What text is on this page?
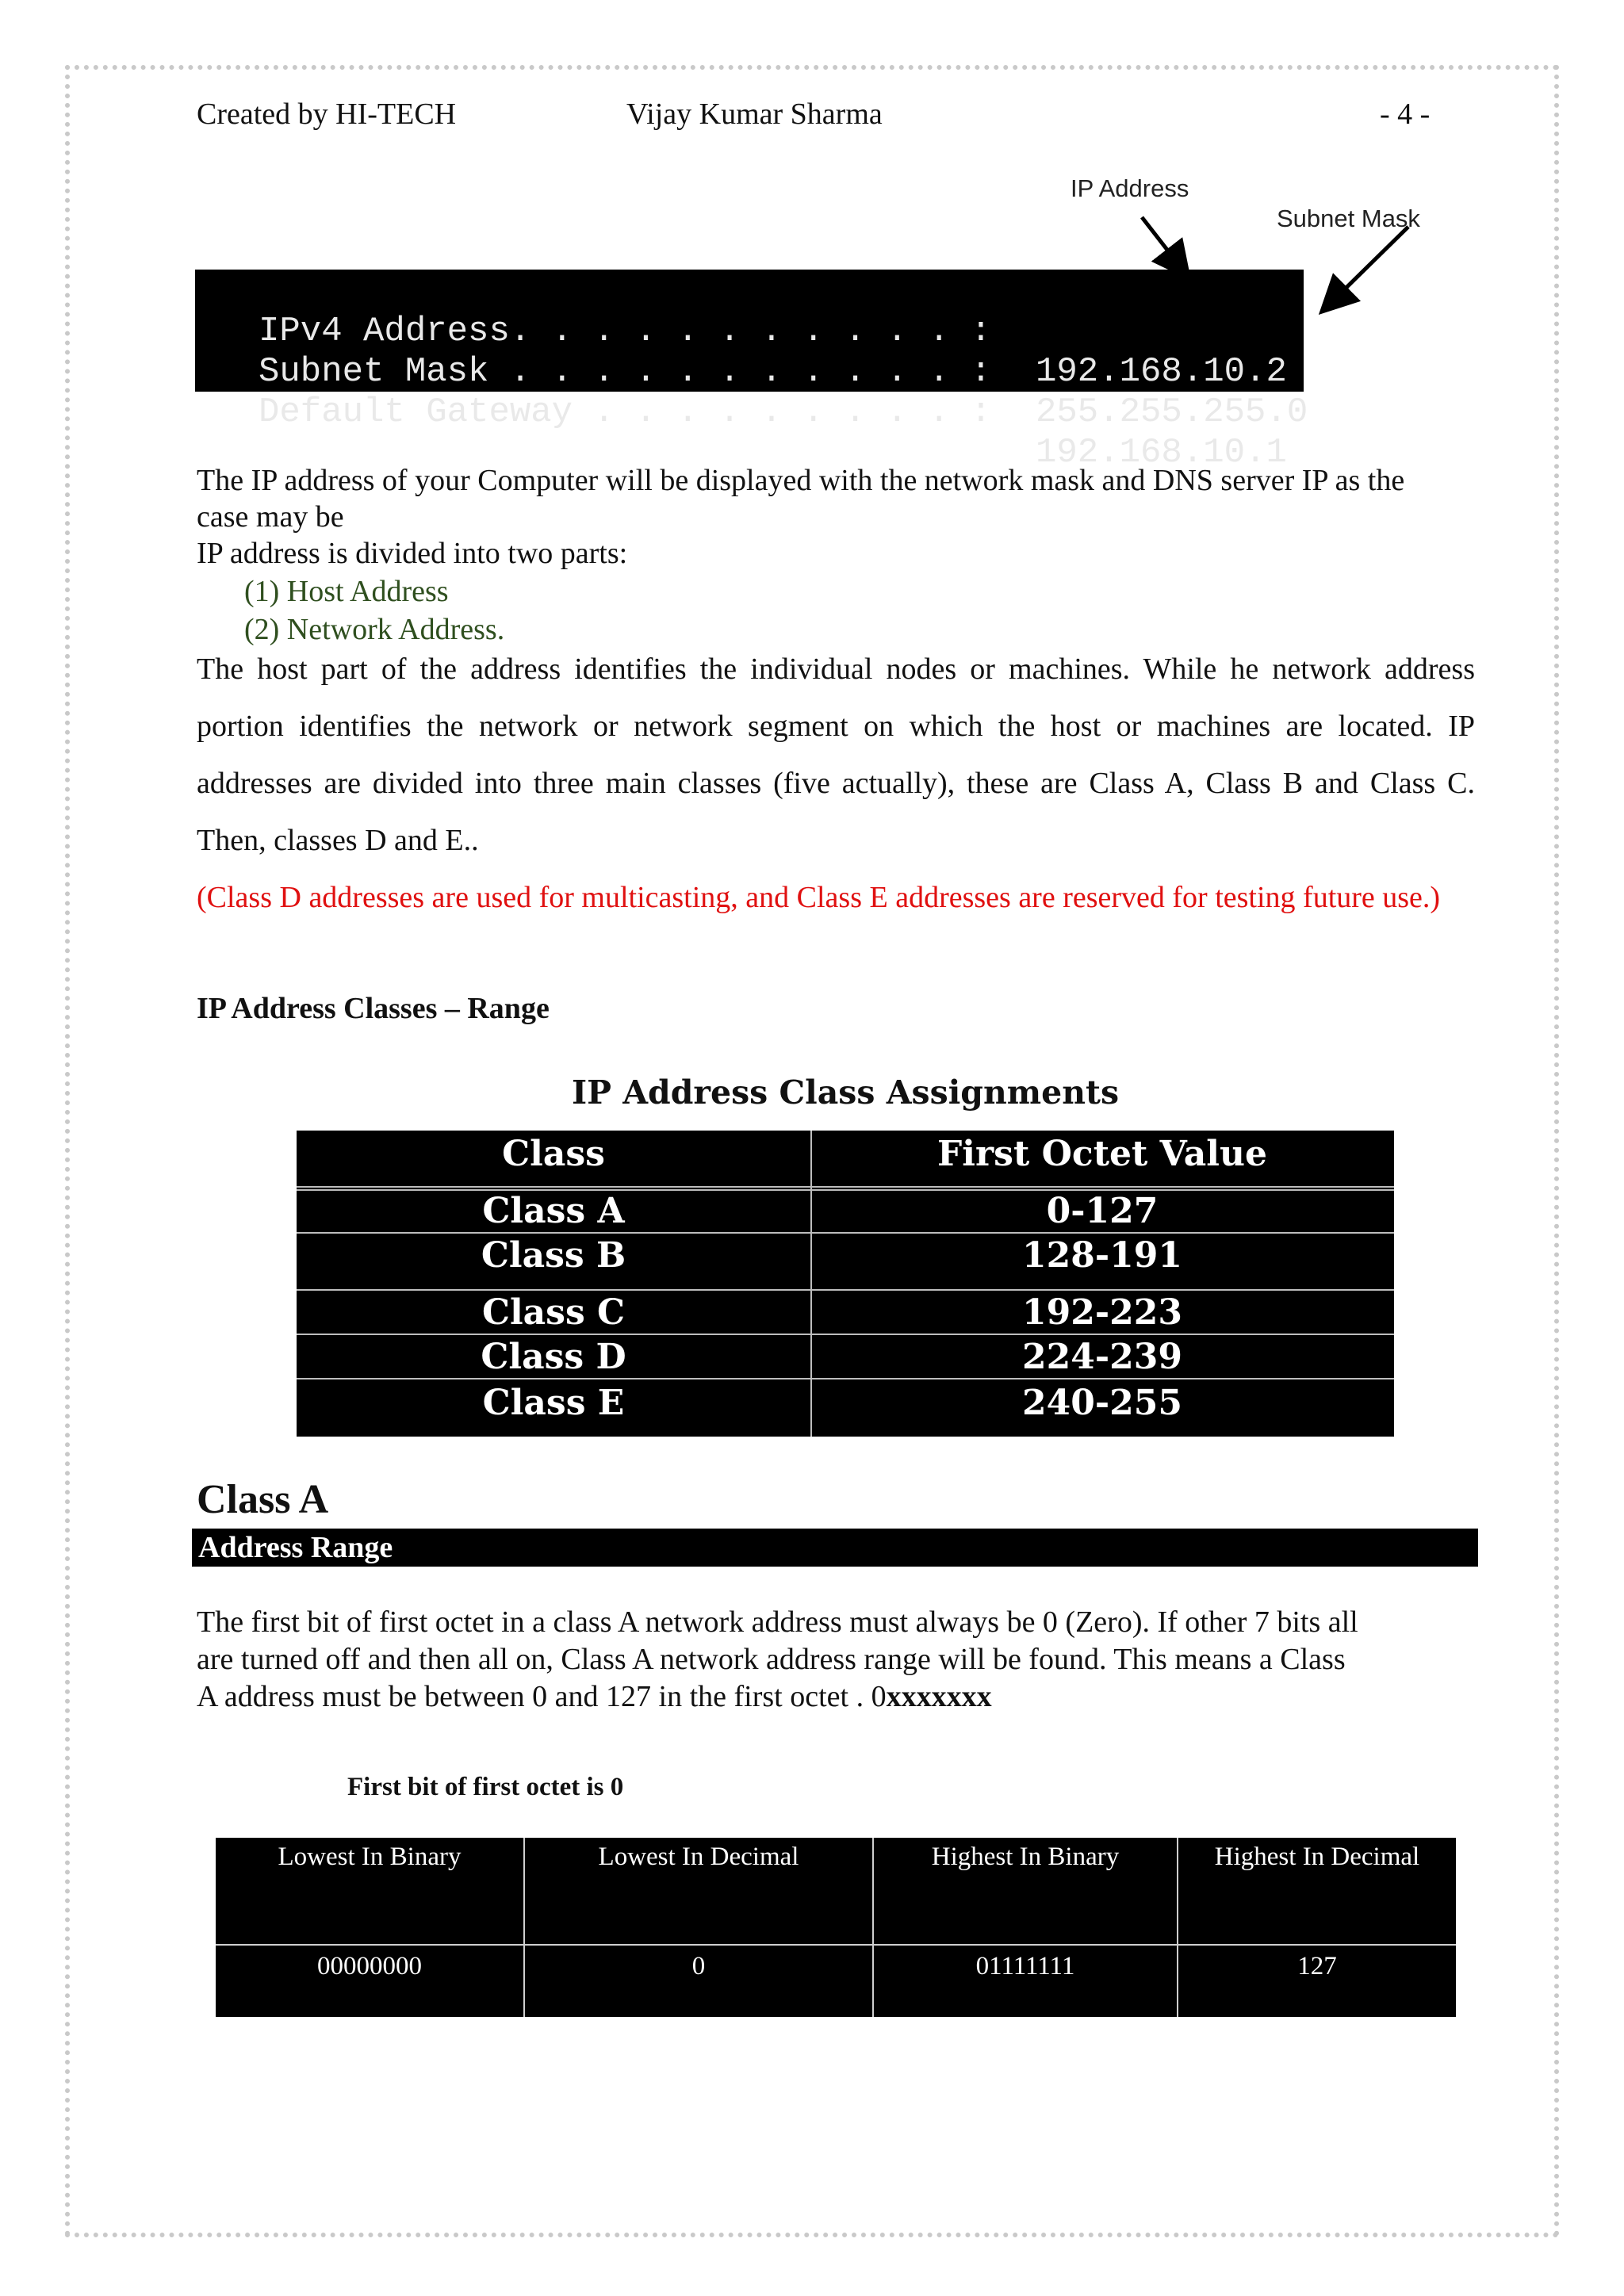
Created by HI-TECH	Vijay Kumar Sharma	- 4 -
IP Address
Subnet Mask

IPv4 Address. . . . . . . . . . . :

192.168.10.2

Subnet Mask . . . . . . . . . . . :

255.255.255.0

Default Gateway . . . . . . . . . :

192.168.10.1

The IP address of your Computer will be displayed with the network mask and DNS server IP as the
case may be
IP address is divided into two parts:
(1) Host Address
(2) Network Address.
The host part of the address identifies the individual nodes or machines. While he network address portion identifies the network or network segment on which the host or machines are located. IP addresses are divided into three main classes (five actually), these are Class A, Class B and Class C. Then, classes D and E..
(Class D addresses are used for multicasting, and Class E addresses are reserved for testing future use.)
IP Address Classes – Range
IP Address Class Assignments
Class	First Octet Value
Class A	0-127
Class B	128-191
Class C	192-223
Class D	224-239
Class E	240-255
Class A
Address Range
The first bit of first octet in a class A network address must always be 0 (Zero). If other 7 bits all
are turned off and then all on, Class A network address range will be found. This means a Class
A address must be between 0 and 127 in the first octet . 0xxxxxxx
First bit of first octet is 0
Lowest In Binary	Lowest In Decimal	Highest In Binary	Highest In Decimal
00000000	0	01111111	127
